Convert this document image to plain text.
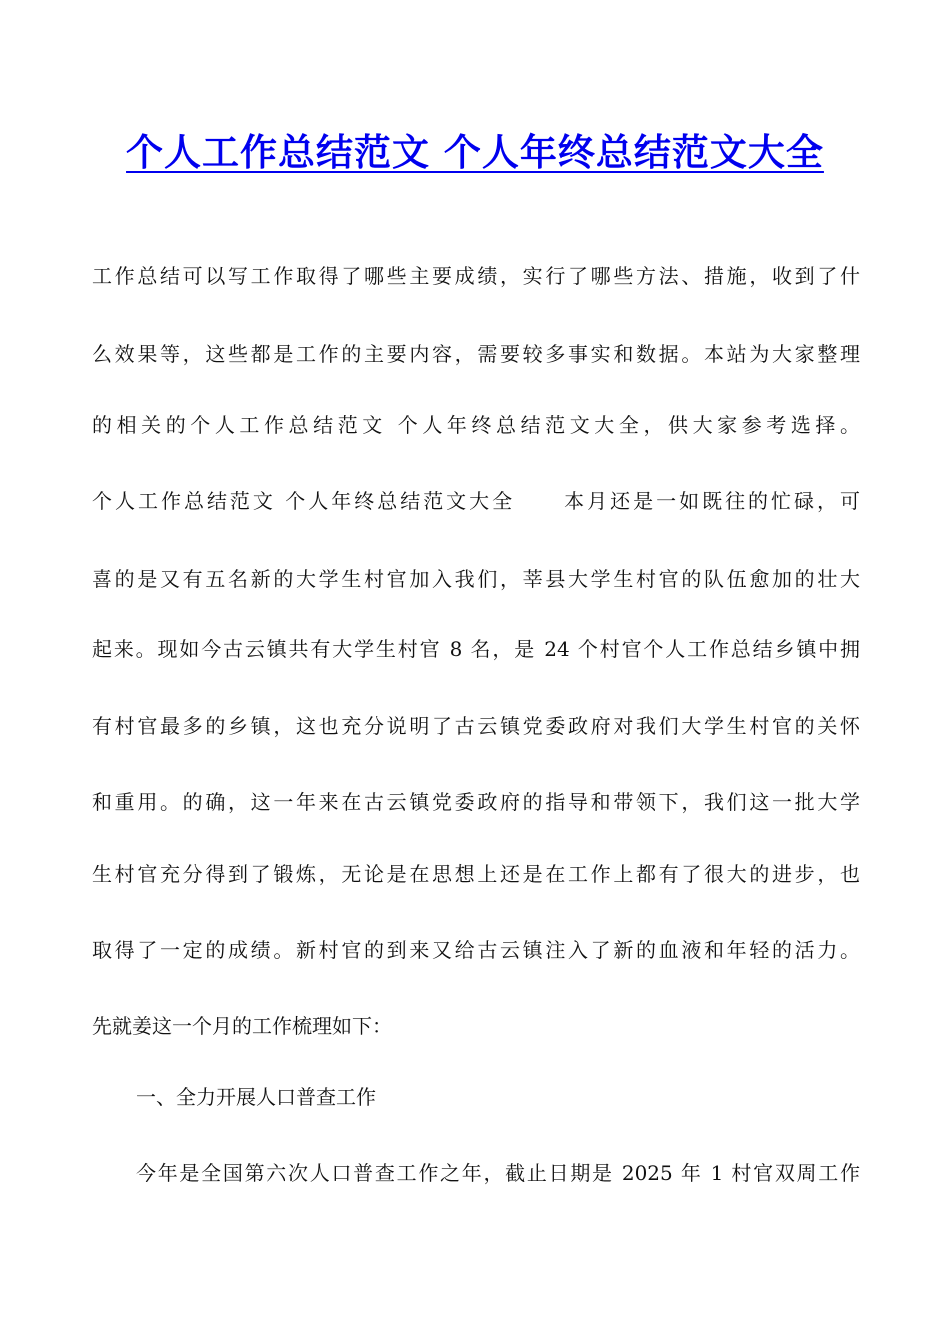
个人工作总结范文 个人年终总结范文大全
工作总结可以写工作取得了哪些主要成绩，实行了哪些方法、措施，收到了什
么效果等，这些都是工作的主要内容，需要较多事实和数据。本站为大家整理
的相关的个人工作总结范文 个人年终总结范文大全，供大家参考选择。
个人工作总结范文 个人年终总结范文大全 本月还是一如既往的忙碌，可
喜的是又有五名新的大学生村官加入我们，莘县大学生村官的队伍愈加的壮大
起来。现如今古云镇共有大学生村官 8 名，是 24 个村官个人工作总结乡镇中拥
有村官最多的乡镇，这也充分说明了古云镇党委政府对我们大学生村官的关怀
和重用。的确，这一年来在古云镇党委政府的指导和带领下，我们这一批大学
生村官充分得到了锻炼，无论是在思想上还是在工作上都有了很大的进步，也
取得了一定的成绩。新村官的到来又给古云镇注入了新的血液和年轻的活力。
先就姜这一个月的工作梳理如下：
一、全力开展人口普查工作
今年是全国第六次人口普查工作之年，截止日期是 2025 年 1 村官双周工作
